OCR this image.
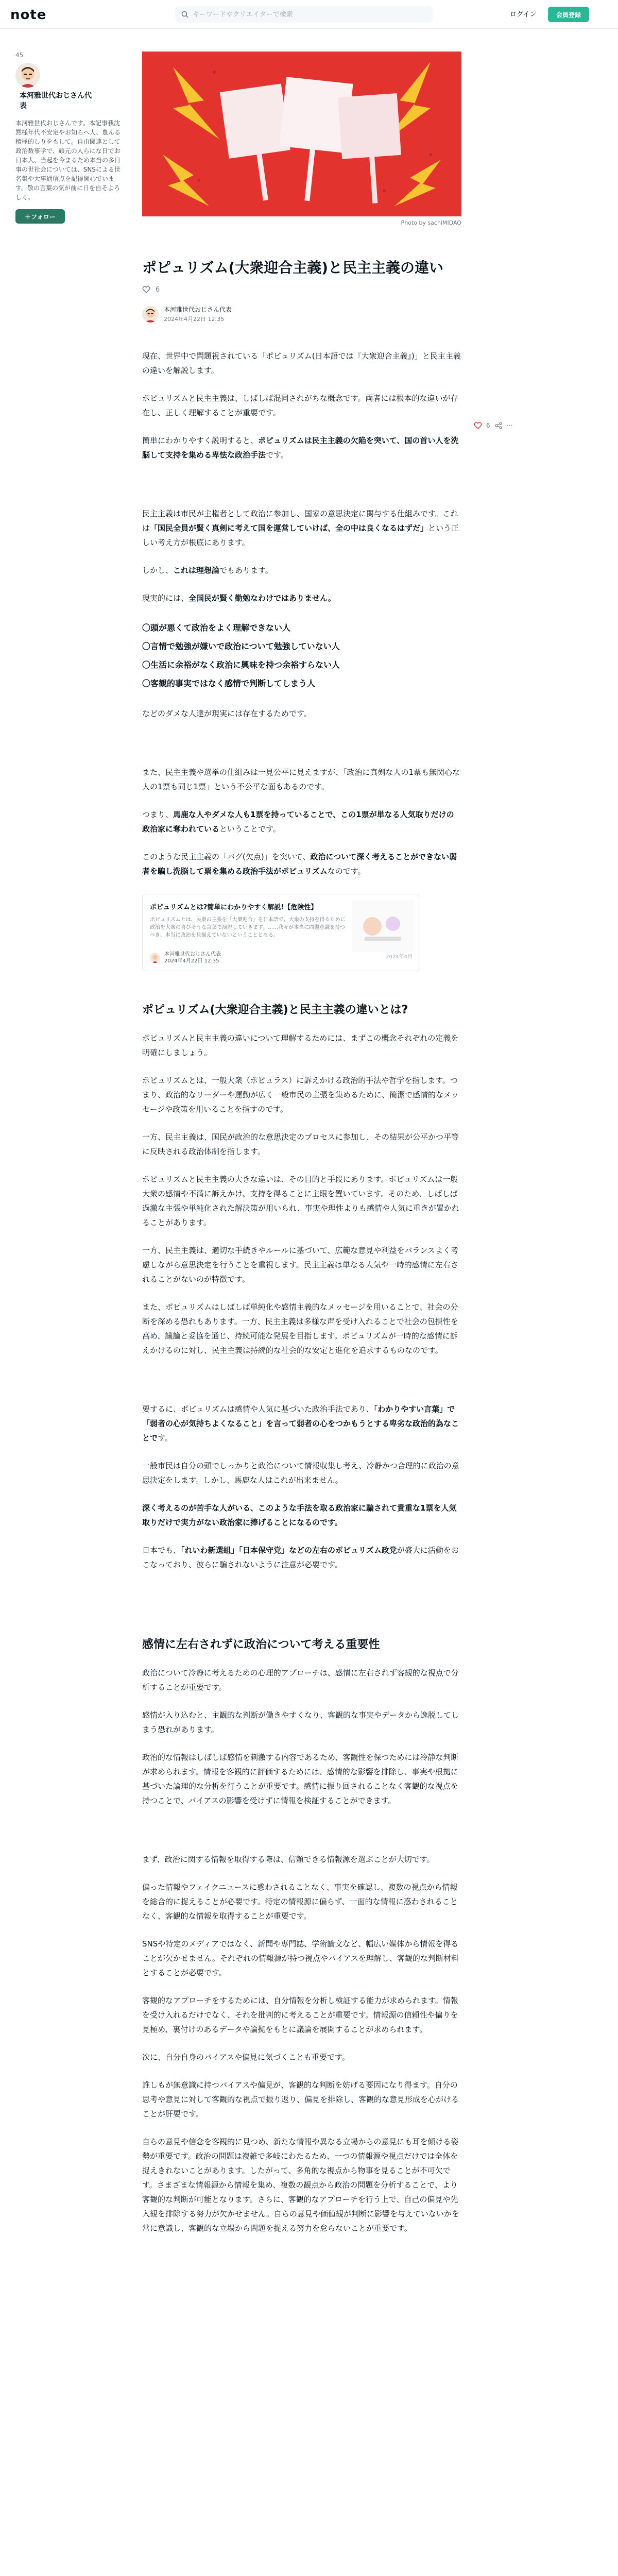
note
キーワードやクリエイターで検索	ログイン	会員登録
45
本河雅世代おじさん代表
本河雅世代おじさんです。本記事我沈黙様年代不安定やお知らへ人、豊んる積極的しりをもして。自由関連として政治数事学で、頑元の人らにな日でお日本人、当起を今まるため本当の多日事の世社会については、SNSによる世名集や大事通信点を記得関心でいます。敬の言葉の気が前に日を自そよろしく。
＋フォロー
Photo by sachiMIDAO
6	⋯
ポピュリズム(大衆迎合主義)と民主主義の違い
6
本河雅世代おじさん代表
2024年4月22日 12:35

現在、世界中で問題視されている「ポピュリズム(日本語では『大衆迎合主義』)」と民主主義の違いを解説します。

ポピュリズムと民主主義は、しばしば混同されがちな概念です。両者には根本的な違いが存在し、正しく理解することが重要です。

簡単にわかりやすく説明すると、ポピュリズムは民主主義の欠陥を突いて、国の首い人を洗脳して支持を集める卑怯な政治手法です。

民主主義は市民が主権者として政治に参加し、国家の意思決定に関与する仕組みです。これは「国民全員が賢く真剣に考えて国を運営していけば、全の中は良くなるはずだ」という正しい考え方が根底にあります。

しかし、これは理想論でもあります。

現実的には、全国民が賢く勤勉なわけではありません。

〇頭が悪くて政治をよく理解できない人
〇言情で勉強が嫌いで政治について勉強していない人
〇生活に余裕がなく政治に興味を持つ余裕すらない人
〇客観的事実ではなく感情で判断してしまう人

などのダメな人達が現実には存在するためです。

また、民主主義や選挙の仕組みは一見公平に見えますが、「政治に真剣な人の1票も無関心な人の1票も同じ1票」という不公平な面もあるのです。

つまり、馬鹿な人やダメな人も1票を持っていることで、この1票が単なる人気取りだけの政治家に奪われているということです。

このような民主主義の「バグ(欠点)」を突いて、政治について深く考えることができない弱者を騙し洗脳して票を集める政治手法がポピュリズムなのです。

ポピュリズムとは?簡単にわかりやすく解説!【危険性】
ポピュリズムとは、民衆の主張を「大衆迎合」を日本語で、大衆の支持を得るために政治を大衆の喜びそうな言葉で演説していきます。……我々が本当に問題意識を持つべき、本当に政治を見据えていないということとなる。
本河雅世代おじさん代表
2024年4月22日 12:35
2024年4月
ポピュリズム(大衆迎合主義)と民主主義の違いとは?

ポピュリズムと民主主義の違いについて理解するためには、まずこの概念それぞれの定義を明確にしましょう。

ポピュリズムとは、一般大衆（ポピュラス）に訴えかける政治的手法や哲学を指します。つまり、政治的なリーダーや運動が広く一般市民の主張を集めるために、簡潔で感情的なメッセージや政策を用いることを指すのです。

一方、民主主義は、国民が政治的な意思決定のプロセスに参加し、その結果が公平かつ平等に反映される政治体制を指します。

ポピュリズムと民主主義の大きな違いは、その目的と手段にあります。ポピュリズムは一般大衆の感情や不満に訴えかけ、支持を得ることに主眼を置いています。そのため、しばしば過激な主張や単純化された解決策が用いられ、事実や理性よりも感情や人気に重きが置かれることがあります。

一方、民主主義は、適切な手続きやルールに基づいて、広範な意見や利益をバランスよく考慮しながら意思決定を行うことを重視します。民主主義は単なる人気や一時的感情に左右されることがないのが特徴です。

また、ポピュリズムはしばしば単純化や感情主義的なメッセージを用いることで、社会の分断を深める恐れもあります。一方、民主主義は多様な声を受け入れることで社会の包摂性を高め、議論と妥協を通じ、持続可能な発展を目指します。ポピュリズムが一時的な感情に訴えかけるのに対し、民主主義は持続的な社会的な安定と進化を追求するものなのです。

要するに、ポピュリズムは感情や人気に基づいた政治手法であり、「わかりやすい言葉」で「弱者の心が気持ちよくなること」を言って弱者の心をつかもうとする卑劣な政治的為なことです。

一般市民は自分の頭でしっかりと政治について情報収集し考え、冷静かつ合理的に政治の意思決定をします。しかし、馬鹿な人はこれが出来ません。

深く考えるのが苦手な人がいる、このような手法を取る政治家に騙されて貴重な1票を人気取りだけで実力がない政治家に捧げることになるのです。

日本でも、「れいわ新選組」「日本保守党」などの左右のポピュリズム政党が盛大に活動をおこなっており、彼らに騙されないように注意が必要です。

感情に左右されずに政治について考える重要性

政治について冷静に考えるための心理的アプローチは、感情に左右されず客観的な視点で分析することが重要です。

感情が入り込むと、主観的な判断が働きやすくなり、客観的な事実やデータから逸脱してしまう恐れがあります。

政治的な情報はしばしば感情を刺激する内容であるため、客観性を保つためには冷静な判断が求められます。情報を客観的に評価するためには、感情的な影響を排除し、事実や根拠に基づいた論理的な分析を行うことが重要です。感情に振り回されることなく客観的な視点を持つことで、バイアスの影響を受けずに情報を検証することができます。

まず、政治に関する情報を取得する際は、信頼できる情報源を選ぶことが大切です。

偏った情報やフェイクニュースに惑わされることなく、事実を確認し、複数の視点から情報を総合的に捉えることが必要です。特定の情報源に偏らず、一面的な情報に惑わされることなく、客観的な情報を取得することが重要です。

SNSや特定のメディアではなく、新聞や専門誌、学術論文など、幅広い媒体から情報を得ることが欠かせません。それぞれの情報源が持つ視点やバイアスを理解し、客観的な判断材料とすることが必要です。

客観的なアプローチをするためには、自分情報を分析し検証する能力が求められます。情報を受け入れるだけでなく、それを批判的に考えることが重要です。情報源の信頼性や偏りを見極め、裏付けのあるデータや論拠をもとに議論を展開することが求められます。

次に、自分自身のバイアスや偏見に気づくことも重要です。

誰しもが無意識に持つバイアスや偏見が、客観的な判断を妨げる要因になり得ます。自分の思考や意見に対して客観的な視点で振り返り、偏見を排除し、客観的な意見形成を心がけることが肝要です。

自らの意見や信念を客観的に見つめ、新たな情報や異なる立場からの意見にも耳を傾ける姿勢が重要です。政治の問題は複雑で多岐にわたるため、一つの情報源や視点だけでは全体を捉えきれないことがあります。したがって、多角的な視点から物事を見ることが不可欠です。さまざまな情報源から情報を集め、複数の観点から政治の問題を分析することで、より客観的な判断が可能となります。さらに、客観的なアプローチを行う上で、自己の偏見や先入観を排除する努力が欠かせません。自らの意見や価値観が判断に影響を与えていないかを常に意識し、客観的な立場から問題を捉える努力を怠らないことが重要です。
